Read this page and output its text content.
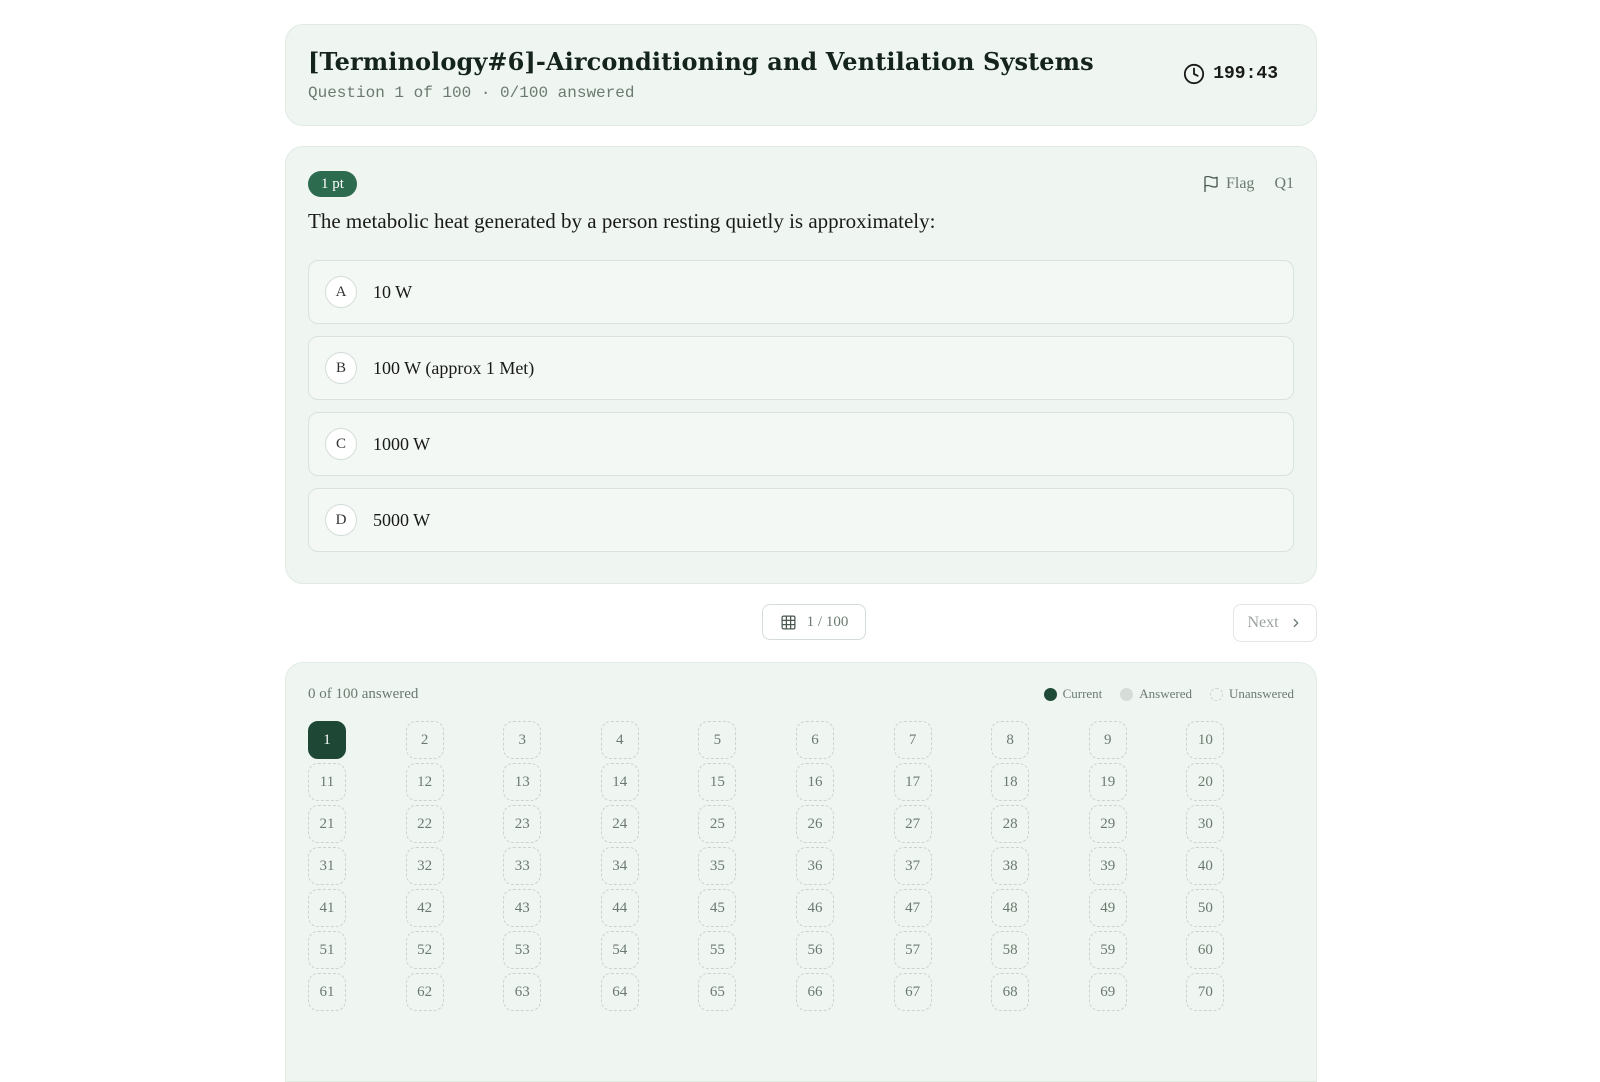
[Terminology#6]-Airconditioning and Ventilation Systems
Question 1 of 100 · 0/100 answered
199:43
1 pt	Flag Q1
The metabolic heat generated by a person resting quietly is approximately:
A	10 W
B	100 W (approx 1 Met)
C	1000 W
D	5000 W
1 / 100	Next
0 of 100 answered	Current	Answered	Unanswered
1	2	3	4	5	6	7	8	9	10
11	12	13	14	15	16	17	18	19	20
21	22	23	24	25	26	27	28	29	30
31	32	33	34	35	36	37	38	39	40
41	42	43	44	45	46	47	48	49	50
51	52	53	54	55	56	57	58	59	60
61	62	63	64	65	66	67	68	69	70
